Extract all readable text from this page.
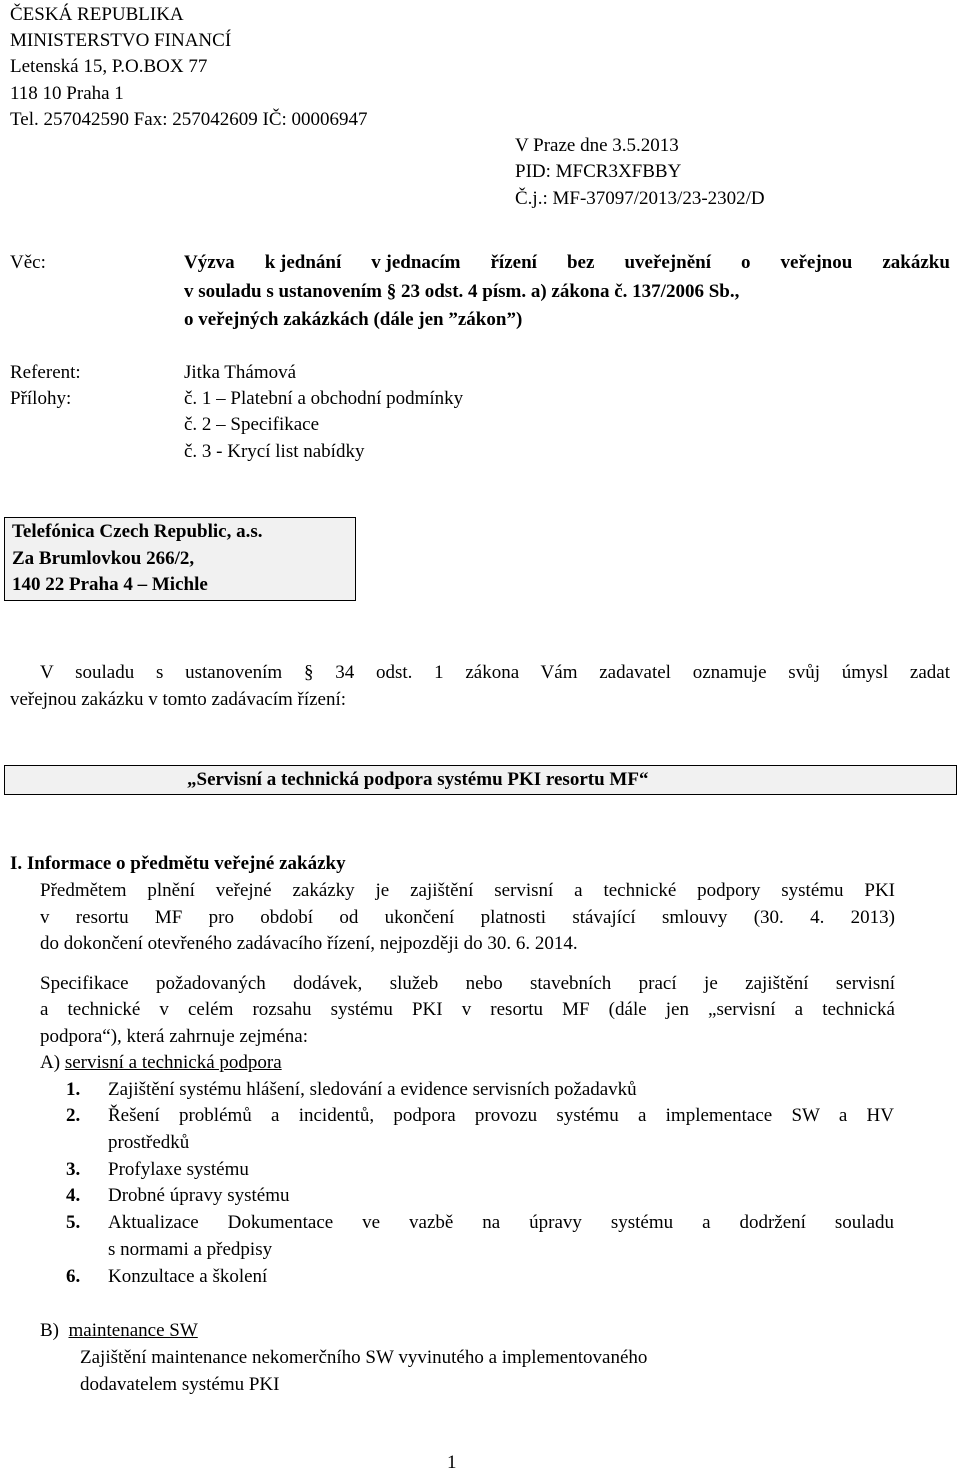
ČESKÁ REPUBLIKA
MINISTERSTVO FINANCÍ
Letenská 15, P.O.BOX 77
118 10 Praha 1
Tel. 257042590 Fax: 257042609 IČ: 00006947
V Praze dne 3.5.2013
PID: MFCR3XFBBY
Č.j.: MF-37097/2013/23-2302/D
Věc:	Výzva k jednání v jednacím řízení bez uveřejnění o veřejnou zakázku
v souladu s ustanovením § 23 odst. 4 písm. a) zákona č. 137/2006 Sb.,
o veřejných zakázkách (dále jen ”zákon”)
Referent:	Jitka Thámová
Přílohy:	č. 1 – Platební a obchodní podmínky
č. 2 – Specifikace
č. 3 - Krycí list nabídky
Telefónica Czech Republic, a.s.
Za Brumlovkou 266/2,
140 22 Praha 4 – Michle
V souladu s ustanovením § 34 odst. 1 zákona Vám zadavatel oznamuje svůj úmysl zadat
veřejnou zakázku v tomto zadávacím řízení:
„Servisní a technická podpora systému PKI resortu MF“
I. Informace o předmětu veřejné zakázky
Předmětem plnění veřejné zakázky je zajištění servisní a technické podpory systému PKI
v resortu MF pro období od ukončení platnosti stávající smlouvy (30. 4. 2013)
do dokončení otevřeného zadávacího řízení, nejpozději do 30. 6. 2014.
Specifikace požadovaných dodávek, služeb nebo stavebních prací je zajištění servisní
a technické v celém rozsahu systému PKI v resortu MF (dále jen „servisní a technická
podpora“), která zahrnuje zejména:
A) servisní a technická podpora
1. Zajištění systému hlášení, sledování a evidence servisních požadavků
2. Řešení problémů a incidentů, podpora provozu systému a implementace SW a HV
prostředků
3. Profylaxe systému
4. Drobné úpravy systému
5. Aktualizace Dokumentace ve vazbě na úpravy systému a dodržení souladu
s normami a předpisy
6. Konzultace a školení
B)  maintenance SW
Zajištění maintenance nekomerčního SW vyvinutého a implementovaného
dodavatelem systému PKI
1
